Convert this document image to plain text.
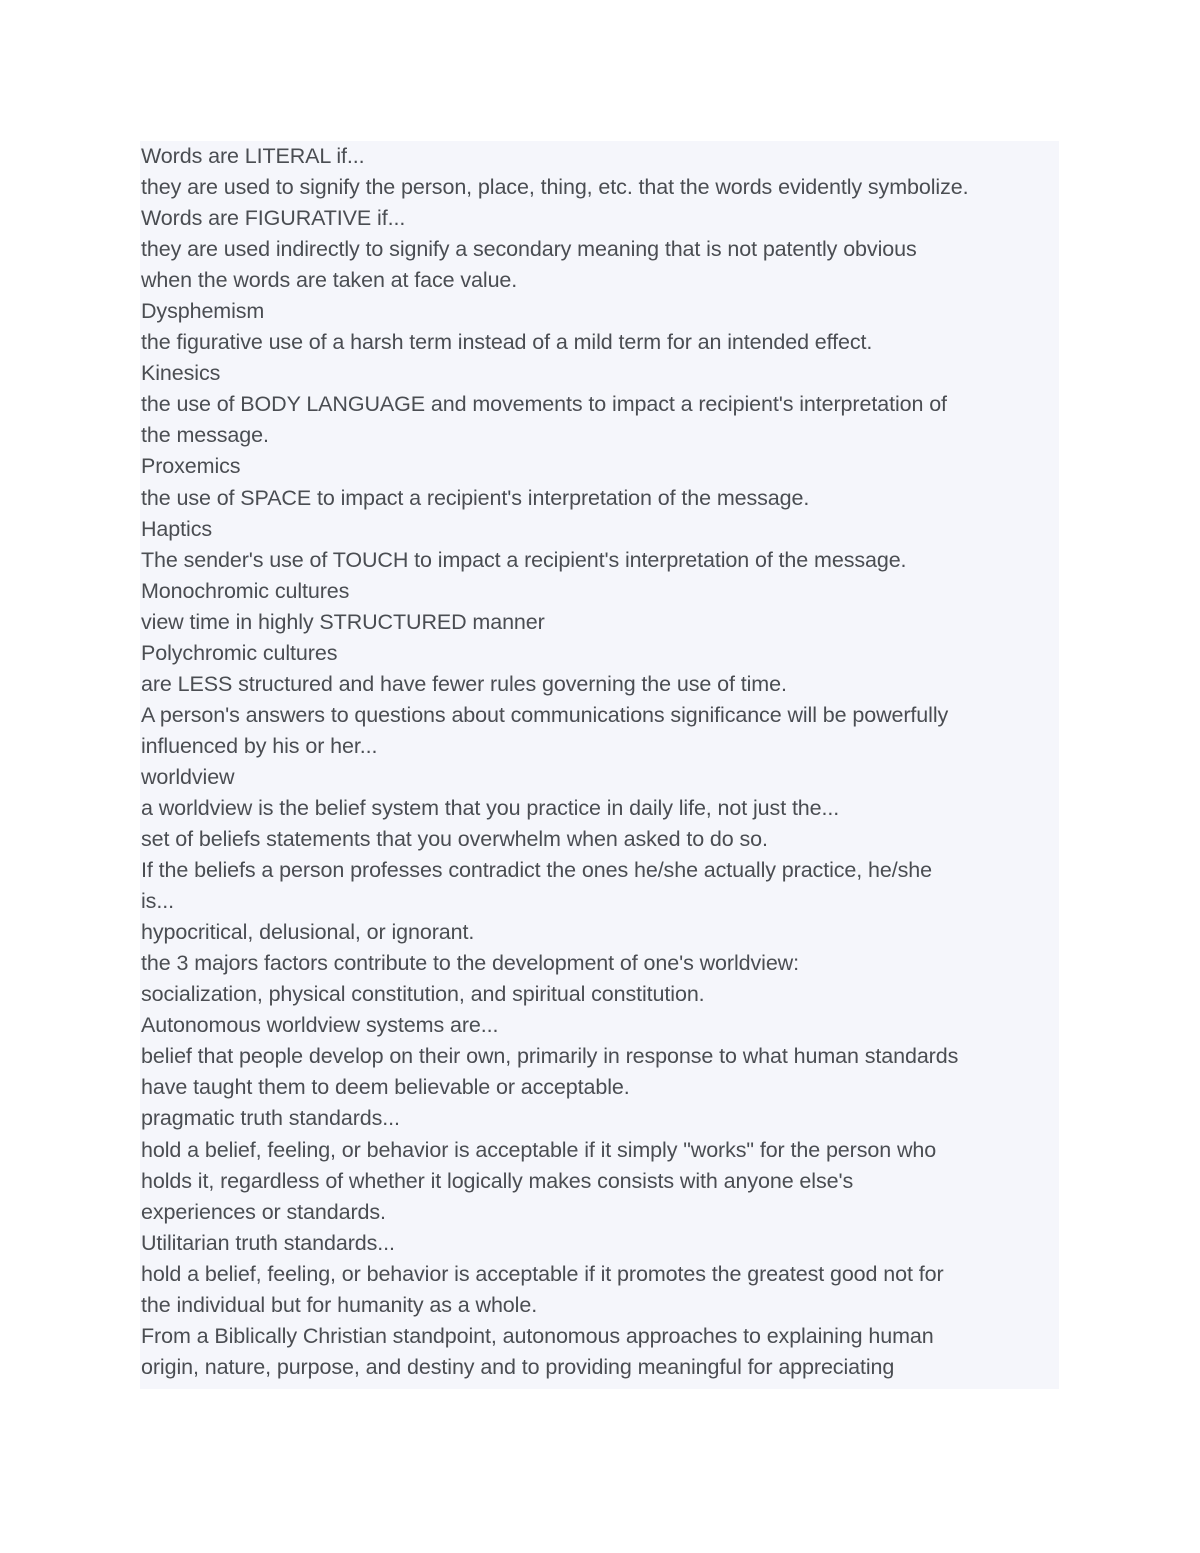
Words are LITERAL if...
they are used to signify the person, place, thing, etc. that the words evidently symbolize.
Words are FIGURATIVE if...
they are used indirectly to signify a secondary meaning that is not patently obvious
when the words are taken at face value.
Dysphemism
the figurative use of a harsh term instead of a mild term for an intended effect.
Kinesics
the use of BODY LANGUAGE and movements to impact a recipient's interpretation of
the message.
Proxemics
the use of SPACE to impact a recipient's interpretation of the message.
Haptics
The sender's use of TOUCH to impact a recipient's interpretation of the message.
Monochromic cultures
view time in highly STRUCTURED manner
Polychromic cultures
are LESS structured and have fewer rules governing the use of time.
A person's answers to questions about communications significance will be powerfully
influenced by his or her...
worldview
a worldview is the belief system that you practice in daily life, not just the...
set of beliefs statements that you overwhelm when asked to do so.
If the beliefs a person professes contradict the ones he/she actually practice, he/she
is...
hypocritical, delusional, or ignorant.
the 3 majors factors contribute to the development of one's worldview:
socialization, physical constitution, and spiritual constitution.
Autonomous worldview systems are...
belief that people develop on their own, primarily in response to what human standards
have taught them to deem believable or acceptable.
pragmatic truth standards...
hold a belief, feeling, or behavior is acceptable if it simply "works" for the person who
holds it, regardless of whether it logically makes consists with anyone else's
experiences or standards.
Utilitarian truth standards...
hold a belief, feeling, or behavior is acceptable if it promotes the greatest good not for
the individual but for humanity as a whole.
From a Biblically Christian standpoint, autonomous approaches to explaining human
origin, nature, purpose, and destiny and to providing meaningful for appreciating
